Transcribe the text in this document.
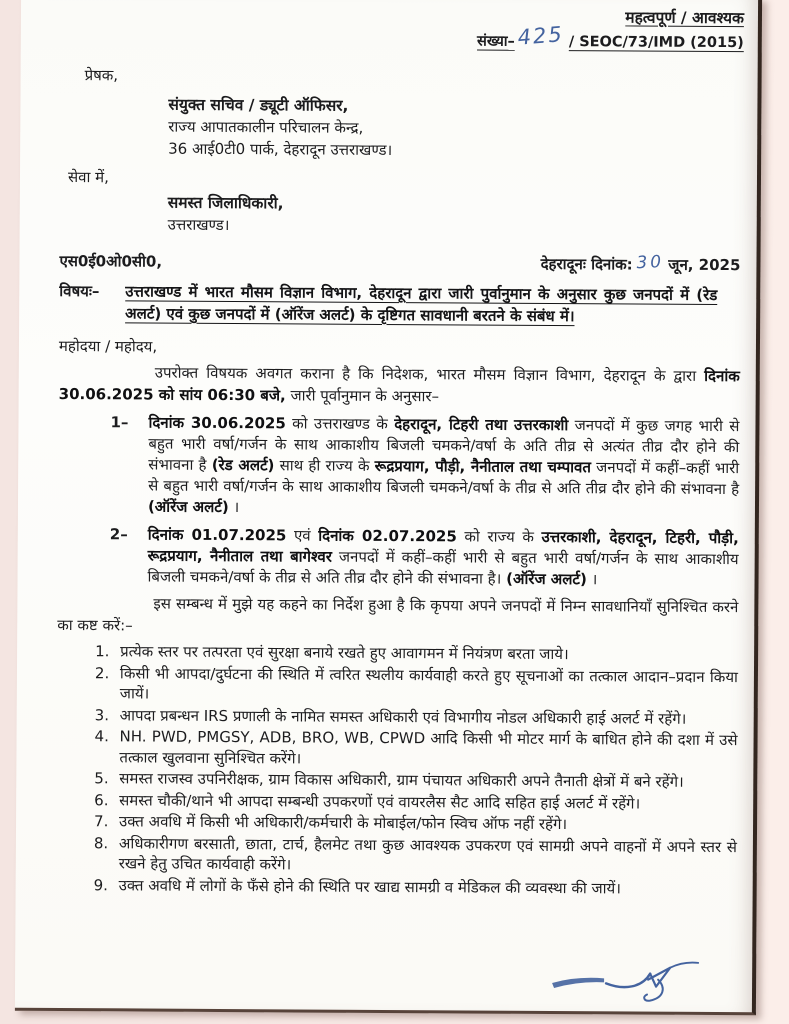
महत्वपूर्ण / आवश्यक
संख्या–425 / SEOC/73/IMD (2015)
प्रेषक,
संयुक्त सचिव / ड्यूटी ऑफिसर,
राज्य आपातकालीन परिचालन केन्द्र,
36 आई0टी0 पार्क, देहरादून उत्तराखण्ड।
सेवा में,
समस्त जिलाधिकारी,
उत्तराखण्ड।
एस0ई0ओ0सी0,	देहरादूनः दिनांक: 30 जून, 2025
विषयः–	उत्तराखण्ड में भारत मौसम विज्ञान विभाग, देहरादून द्वारा जारी पुर्वानुमान के अनुसार कुछ जनपदों में (रेड अलर्ट) एवं कुछ जनपदों में (ऑरेंज अलर्ट) के दृष्टिगत सावधानी बरतने के संबंध में।
महोदया / महोदय,

उपरोक्त विषयक अवगत कराना है कि निदेशक, भारत मौसम विज्ञान विभाग, देहरादून के द्वारा दिनांक 30.06.2025 को सांय 06:30 बजे, जारी पूर्वानुमान के अनुसार–

1–	दिनांक 30.06.2025 को उत्तराखण्ड के देहरादून, टिहरी तथा उत्तरकाशी जनपदों में कुछ जगह भारी से बहुत भारी वर्षा/गर्जन के साथ आकाशीय बिजली चमकने/वर्षा के अति तीव्र से अत्यंत तीव्र दौर होने की संभावना है (रेड अलर्ट) साथ ही राज्य के रूद्रप्रयाग, पौड़ी, नैनीताल तथा चम्पावत जनपदों में कहीं–कहीं भारी से बहुत भारी वर्षा/गर्जन के साथ आकाशीय बिजली चमकने/वर्षा के तीव्र से अति तीव्र दौर होने की संभावना है (ऑरेंज अलर्ट) ।
2–	दिनांक 01.07.2025 एवं दिनांक 02.07.2025 को राज्य के उत्तरकाशी, देहरादून, टिहरी, पौड़ी, रूद्रप्रयाग, नैनीताल तथा बागेश्वर जनपदों में कहीं–कहीं भारी से बहुत भारी वर्षा/गर्जन के साथ आकाशीय बिजली चमकने/वर्षा के तीव्र से अति तीव्र दौर होने की संभावना है। (ऑरेंज अलर्ट) ।

इस सम्बन्ध में मुझे यह कहने का निर्देश हुआ है कि कृपया अपने जनपदों में निम्न सावधानियाँ सुनिश्चित करने का कष्ट करें:–

1. प्रत्येक स्तर पर तत्परता एवं सुरक्षा बनाये रखते हुए आवागमन में नियंत्रण बरता जाये।
2. किसी भी आपदा/दुर्घटना की स्थिति में त्वरित स्थलीय कार्यवाही करते हुए सूचनाओं का तत्काल आदान–प्रदान किया जायें।
3. आपदा प्रबन्धन IRS प्रणाली के नामित समस्त अधिकारी एवं विभागीय नोडल अधिकारी हाई अलर्ट में रहेंगे।
4. NH. PWD, PMGSY, ADB, BRO, WB, CPWD आदि किसी भी मोटर मार्ग के बाधित होने की दशा में उसे तत्काल खुलवाना सुनिश्चित करेंगे।
5. समस्त राजस्व उपनिरीक्षक, ग्राम विकास अधिकारी, ग्राम पंचायत अधिकारी अपने तैनाती क्षेत्रों में बने रहेंगे।
6. समस्त चौकी/थाने भी आपदा सम्बन्धी उपकरणों एवं वायरलैस सैट आदि सहित हाई अलर्ट में रहेंगे।
7. उक्त अवधि में किसी भी अधिकारी/कर्मचारी के मोबाईल/फोन स्विच ऑफ नहीं रहेंगे।
8. अधिकारीगण बरसाती, छाता, टार्च, हैलमेट तथा कुछ आवश्यक उपकरण एवं सामग्री अपने वाहनों में अपने स्तर से रखने हेतु उचित कार्यवाही करेंगे।
9. उक्त अवधि में लोगों के फँसे होने की स्थिति पर खाद्य सामग्री व मेडिकल की व्यवस्था की जायें।
